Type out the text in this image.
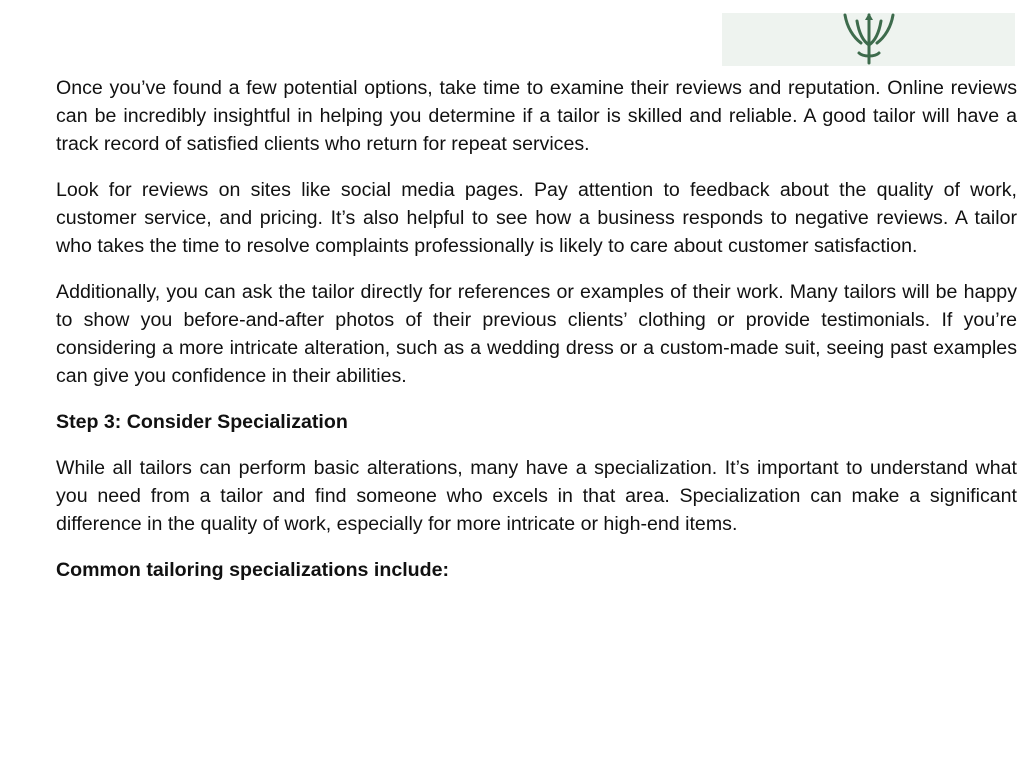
Once you’ve found a few potential options, take time to examine their reviews and reputation. Online reviews can be incredibly insightful in helping you determine if a tailor is skilled and reliable. A good tailor will have a track record of satisfied clients who return for repeat services.

Look for reviews on sites like social media pages. Pay attention to feedback about the quality of work, customer service, and pricing. It’s also helpful to see how a business responds to negative reviews. A tailor who takes the time to resolve complaints professionally is likely to care about customer satisfaction.

Additionally, you can ask the tailor directly for references or examples of their work. Many tailors will be happy to show you before-and-after photos of their previous clients’ clothing or provide testimonials. If you’re considering a more intricate alteration, such as a wedding dress or a custom-made suit, seeing past examples can give you confidence in their abilities.

Step 3: Consider Specialization

While all tailors can perform basic alterations, many have a specialization. It’s important to understand what you need from a tailor and find someone who excels in that area. Specialization can make a significant difference in the quality of work, especially for more intricate or high-end items.

Common tailoring specializations include:
